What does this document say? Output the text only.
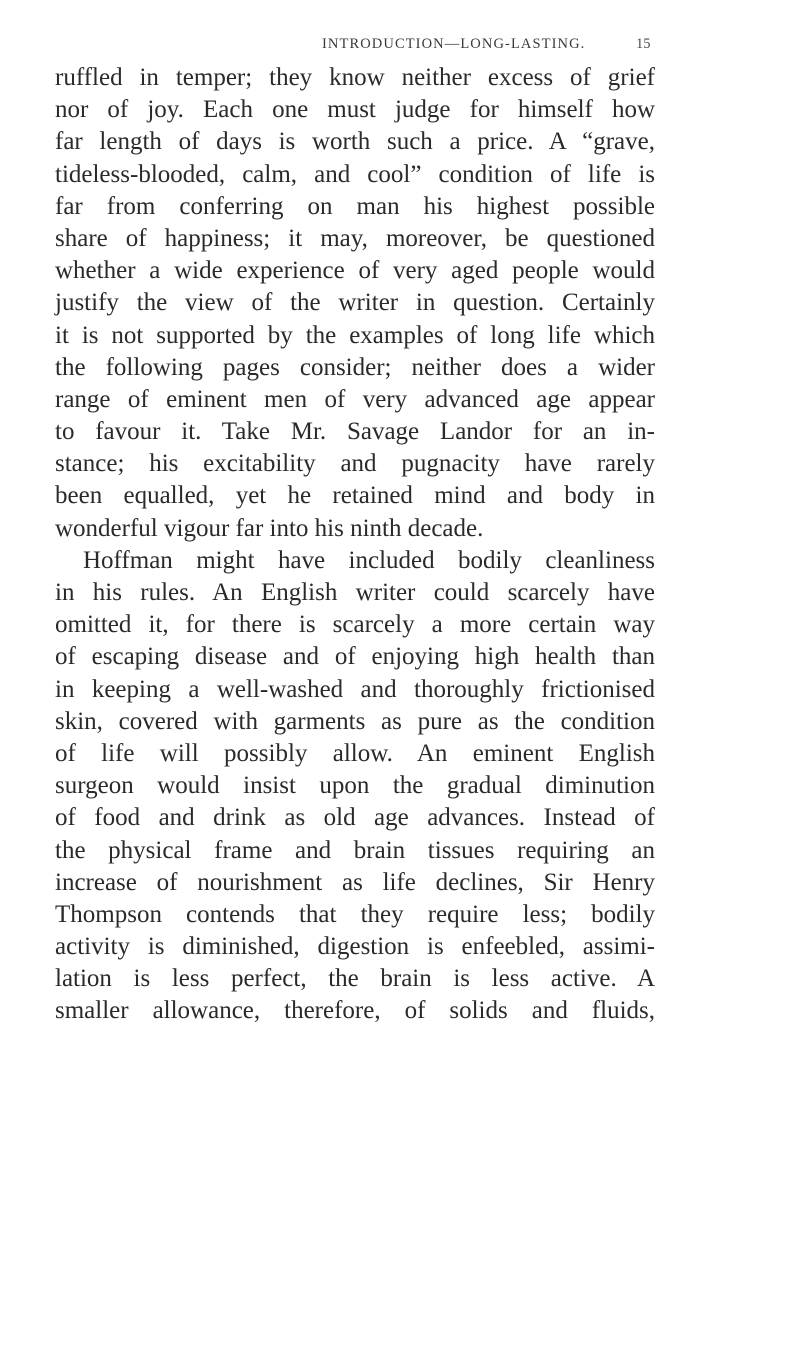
INTRODUCTION—LONG-LASTING.	15
ruffled in temper; they know neither excess of grief
nor of joy. Each one must judge for himself how
far length of days is worth such a price. A “grave,
tideless-blooded, calm, and cool” condition of life is
far from conferring on man his highest possible
share of happiness; it may, moreover, be questioned
whether a wide experience of very aged people would
justify the view of the writer in question. Certainly
it is not supported by the examples of long life which
the following pages consider; neither does a wider
range of eminent men of very advanced age appear
to favour it. Take Mr. Savage Landor for an in-
stance; his excitability and pugnacity have rarely
been equalled, yet he retained mind and body in
wonderful vigour far into his ninth decade.
Hoffman might have included bodily cleanliness
in his rules. An English writer could scarcely have
omitted it, for there is scarcely a more certain way
of escaping disease and of enjoying high health than
in keeping a well-washed and thoroughly frictionised
skin, covered with garments as pure as the condition
of life will possibly allow. An eminent English
surgeon would insist upon the gradual diminution
of food and drink as old age advances. Instead of
the physical frame and brain tissues requiring an
increase of nourishment as life declines, Sir Henry
Thompson contends that they require less; bodily
activity is diminished, digestion is enfeebled, assimi-
lation is less perfect, the brain is less active. A
smaller allowance, therefore, of solids and fluids,
